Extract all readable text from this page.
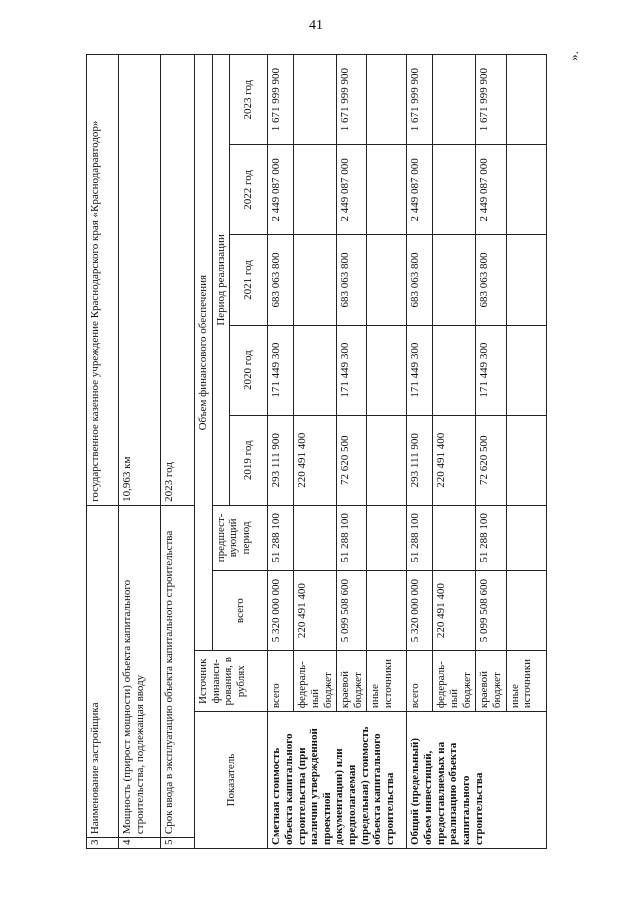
41
».
3	Наименование застройщика				государственное казенное учреждение Краснодарского края «Краснодаравтодор»				
4	Мощность (прирост мощности) объекта капитального строительства, подлежащая вводу				10,963 км				
5	Срок ввода в эксплуатацию объекта капитального строительства				2023 год				
Показатель		Источник финанси- рования, в рублях	Объем финансового обеспечения						
			всего	предшест- вующий период	Период реализации				
					2019 год	2020 год	2021 год	2022 год	2023 год
Сметная стоимость объекта капитального строительства (при наличии утвержденной проектной документации) или предполагаемая (предельная) стоимость объекта капитального строительства		всего	5 320 000 000	51 288 100	293 111 900	171 449 300	683 063 800	2 449 087 000	1 671 999 900
		федераль- ный бюджет	220 491 400		220 491 400				
		краевой бюджет	5 099 508 600	51 288 100	72 620 500	171 449 300	683 063 800	2 449 087 000	1 671 999 900
		иные источники							
Общий (предельный) объем инвестиций, предоставляемых на реализацию объекта капитального строительства		всего	5 320 000 000	51 288 100	293 111 900	171 449 300	683 063 800	2 449 087 000	1 671 999 900
		федераль- ный бюджет	220 491 400		220 491 400				
		краевой бюджет	5 099 508 600	51 288 100	72 620 500	171 449 300	683 063 800	2 449 087 000	1 671 999 900
		иные источники							
